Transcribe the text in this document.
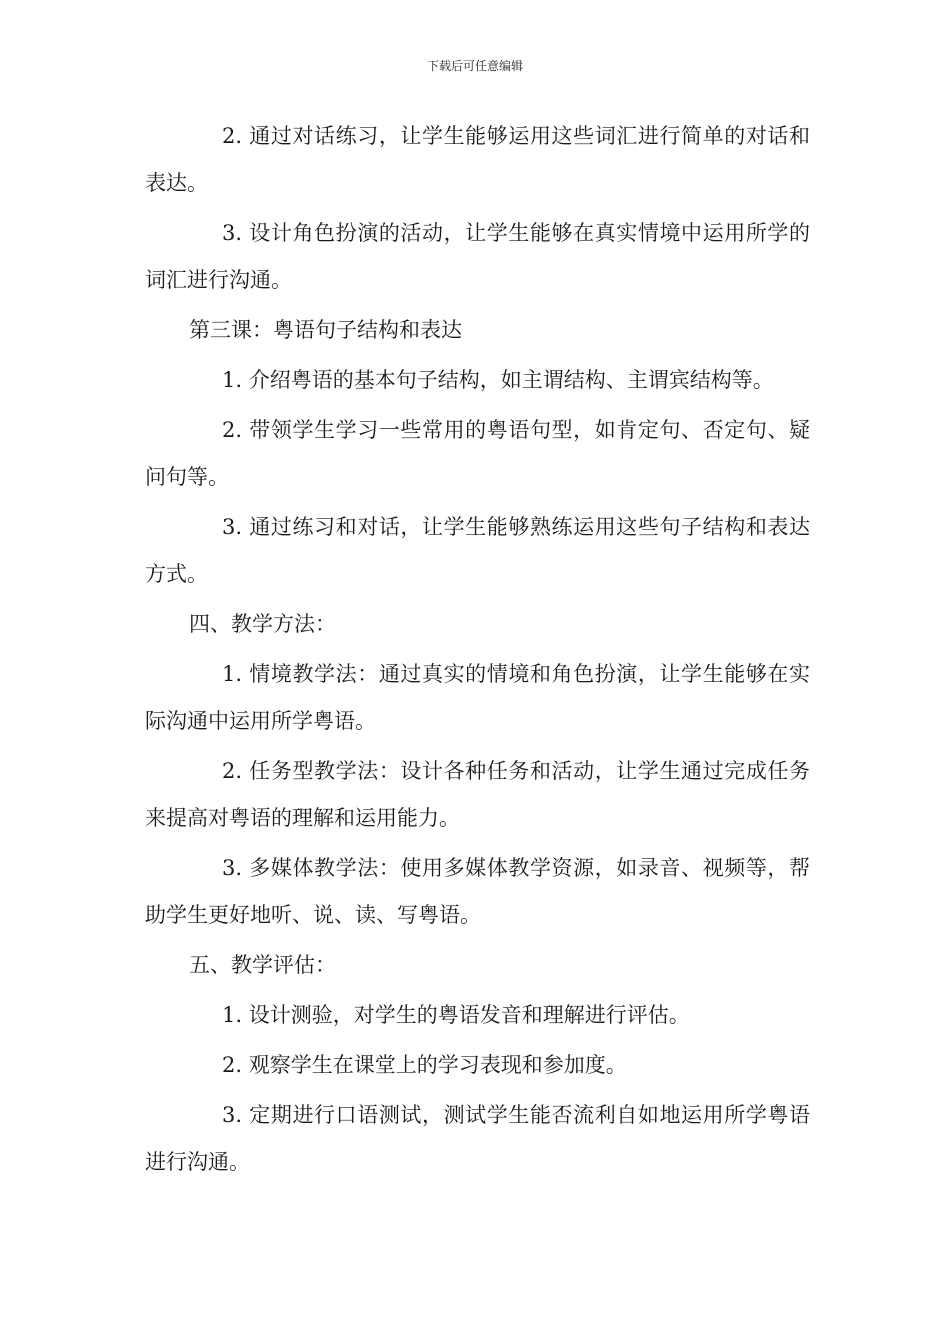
下载后可任意编辑

2. 通过对话练习，让学生能够运用这些词汇进行简单的对话和表达。

3. 设计角色扮演的活动，让学生能够在真实情境中运用所学的词汇进行沟通。

第三课：粤语句子结构和表达

1. 介绍粤语的基本句子结构，如主谓结构、主谓宾结构等。

2. 带领学生学习一些常用的粤语句型，如肯定句、否定句、疑问句等。

3. 通过练习和对话，让学生能够熟练运用这些句子结构和表达方式。

四、教学方法：

1. 情境教学法：通过真实的情境和角色扮演，让学生能够在实际沟通中运用所学粤语。

2. 任务型教学法：设计各种任务和活动，让学生通过完成任务来提高对粤语的理解和运用能力。

3. 多媒体教学法：使用多媒体教学资源，如录音、视频等，帮助学生更好地听、说、读、写粤语。

五、教学评估：

1. 设计测验，对学生的粤语发音和理解进行评估。

2. 观察学生在课堂上的学习表现和参加度。

3. 定期进行口语测试，测试学生能否流利自如地运用所学粤语进行沟通。
